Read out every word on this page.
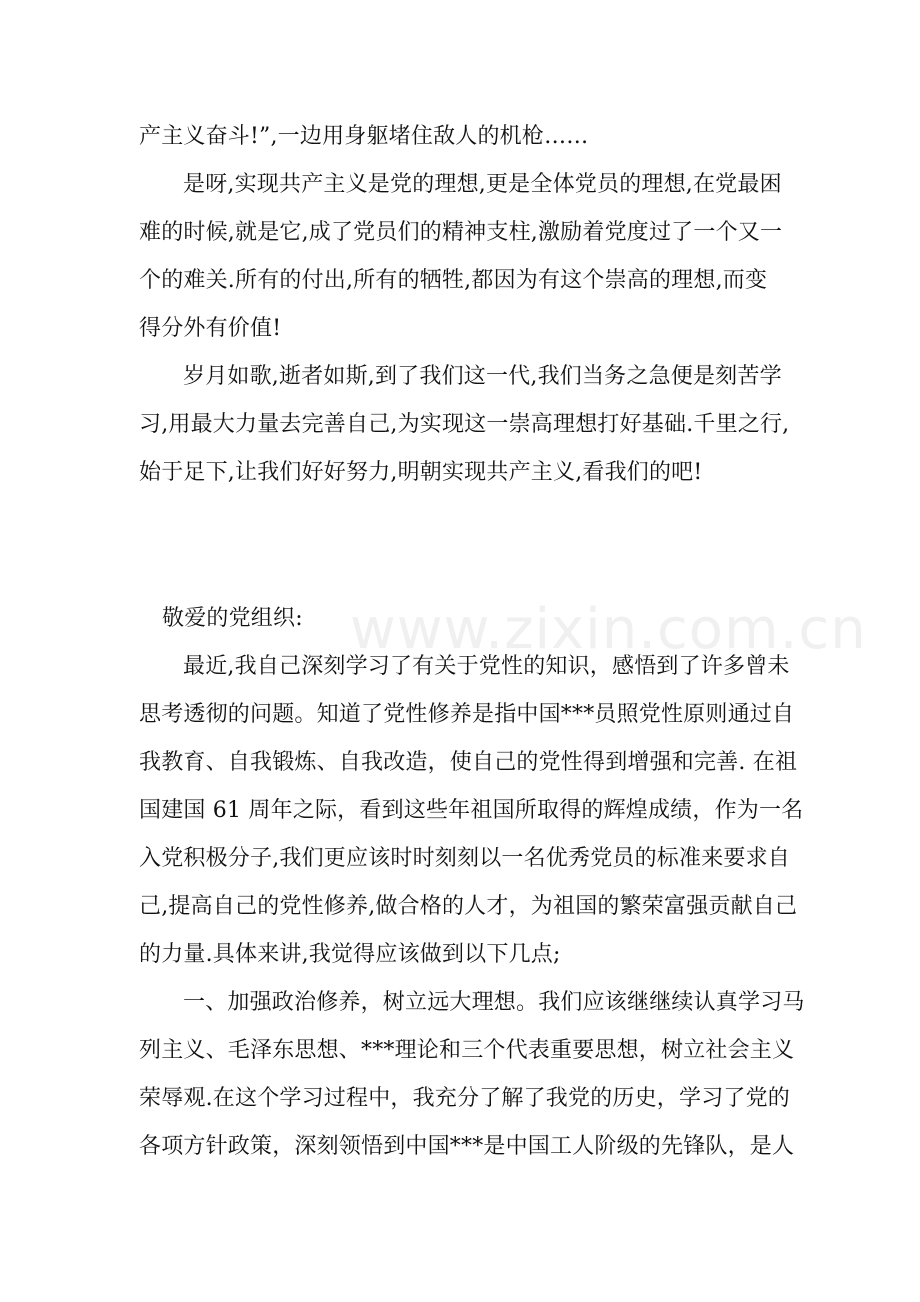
www.zixin.com.cn
产主义奋斗!”,一边用身躯堵住敌人的机枪……
是呀,实现共产主义是党的理想,更是全体党员的理想,在党最困
难的时候,就是它,成了党员们的精神支柱,激励着党度过了一个又一
个的难关.所有的付出,所有的牺牲,都因为有这个崇高的理想,而变
得分外有价值!
岁月如歌,逝者如斯,到了我们这一代,我们当务之急便是刻苦学
习,用最大力量去完善自己,为实现这一崇高理想打好基础.千里之行,
始于足下,让我们好好努力,明朝实现共产主义,看我们的吧!
敬爱的党组织:
最近,我自己深刻学习了有关于党性的知识，感悟到了许多曾未
思考透彻的问题。知道了党性修养是指中国***员照党性原则通过自
我教育、自我锻炼、自我改造，使自己的党性得到增强和完善. 在祖
国建国 61 周年之际，看到这些年祖国所取得的辉煌成绩，作为一名
入党积极分子,我们更应该时时刻刻以一名优秀党员的标准来要求自
己,提高自己的党性修养,做合格的人才，为祖国的繁荣富强贡献自己
的力量.具体来讲,我觉得应该做到以下几点;
一、加强政治修养，树立远大理想。我们应该继继续认真学习马
列主义、毛泽东思想、***理论和三个代表重要思想，树立社会主义
荣辱观.在这个学习过程中，我充分了解了我党的历史，学习了党的
各项方针政策，深刻领悟到中国***是中国工人阶级的先锋队，是人
